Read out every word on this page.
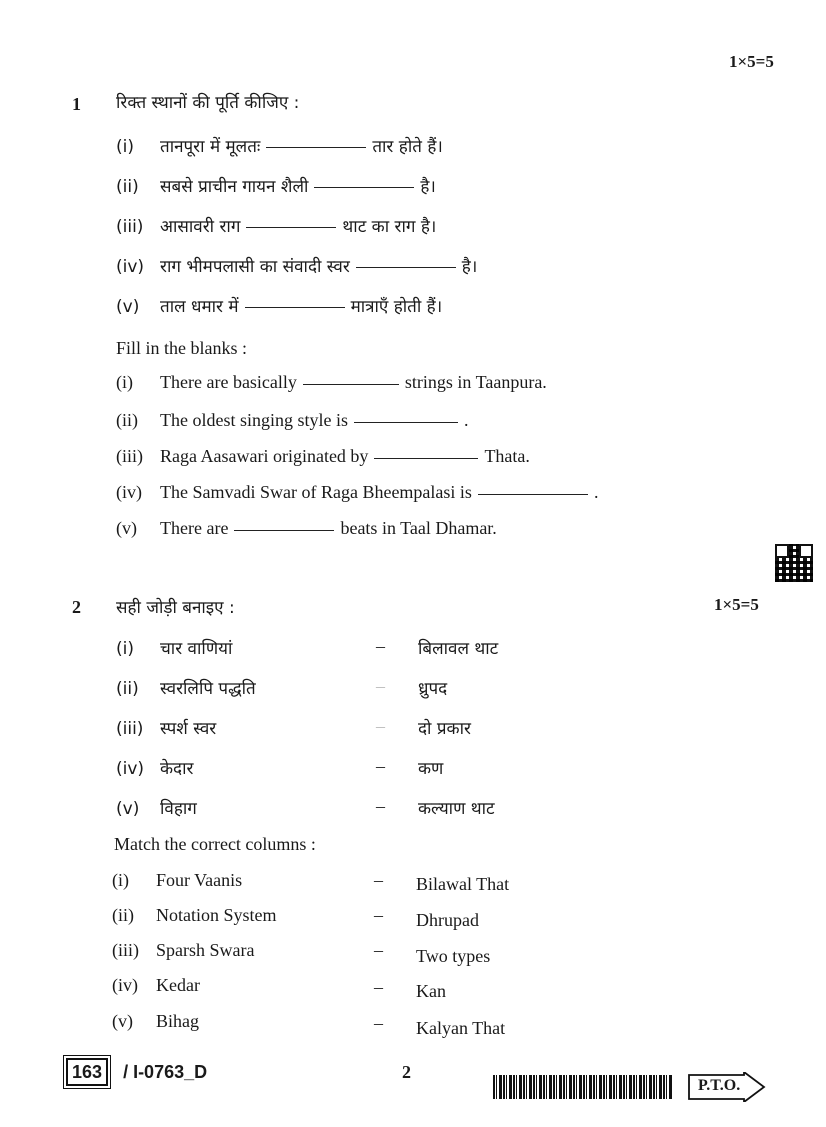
1×5=5
1 रिक्त स्थानों की पूर्ति कीजिए :
(i) तानपूरा में मूलतः	तार होते हैं।
(ii) सबसे प्राचीन गायन शैली	है।
(iii) आसावरी राग	थाट का राग है।
(iv) राग भीमपलासी का संवादी स्वर	है।
(v) ताल धमार में	मात्राएँ होती हैं।
Fill in the blanks :
(i) There are basically	strings in Taanpura.
(ii) The oldest singing style is	.
(iii) Raga Aasawari originated by	Thata.
(iv) The Samvadi Swar of Raga Bheempalasi is	.
(v) There are	beats in Taal Dhamar.
2 सही जोड़ी बनाइए :	1×5=5
(i) चार वाणियां	– बिलावल थाट
(ii) स्वरलिपि पद्धति	– ध्रुपद
(iii) स्पर्श स्वर	– दो प्रकार
(iv) केदार	– कण
(v) विहाग	– कल्याण थाट
Match the correct columns :
(i) Four Vaanis	– Bilawal That
(ii) Notation System	– Dhrupad
(iii) Sparsh Swara	– Two types
(iv) Kedar	– Kan
(v) Bihag	– Kalyan That
163 / I-0763_D	2
P.T.O.
